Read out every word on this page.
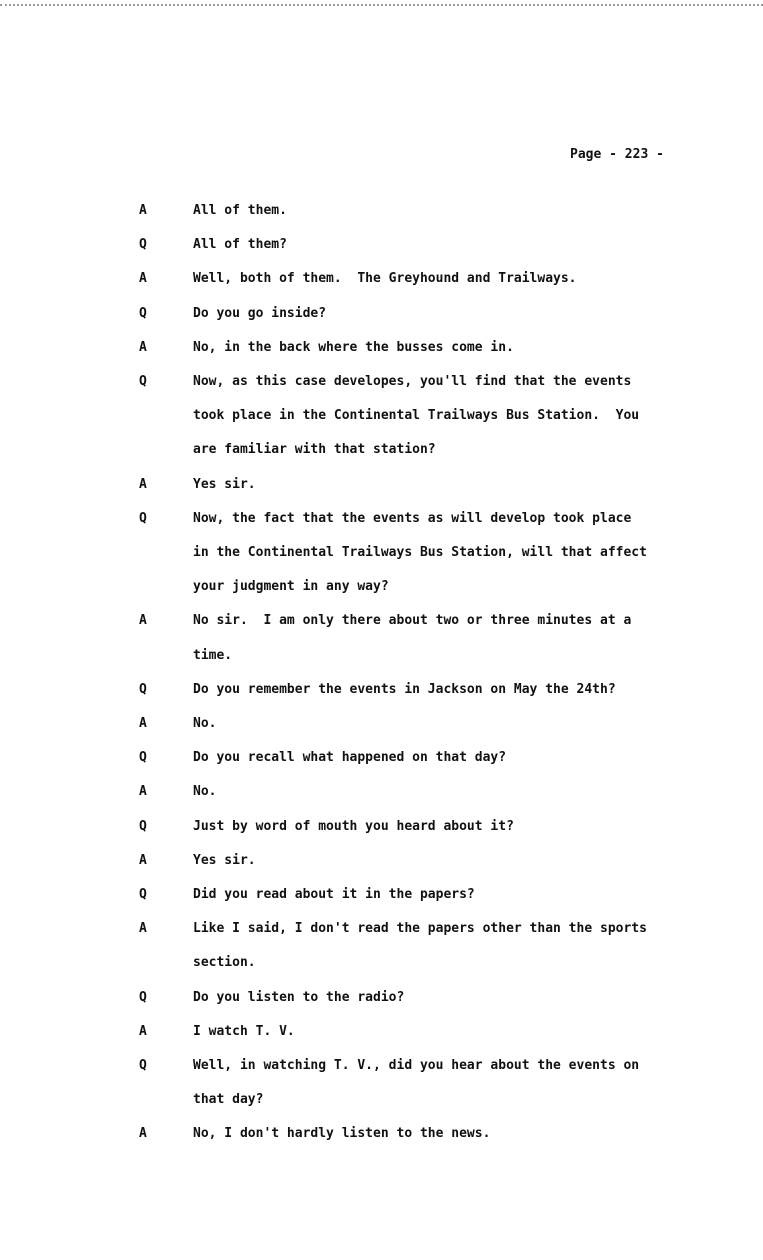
Page - 223 -
A	All of them.
Q	All of them?
A	Well, both of them.  The Greyhound and Trailways.
Q	Do you go inside?
A	No, in the back where the busses come in.
Q	Now, as this case developes, you'll find that the events
took place in the Continental Trailways Bus Station.  You
are familiar with that station?
A	Yes sir.
Q	Now, the fact that the events as will develop took place
in the Continental Trailways Bus Station, will that affect
your judgment in any way?
A	No sir.  I am only there about two or three minutes at a
time.
Q	Do you remember the events in Jackson on May the 24th?
A	No.
Q	Do you recall what happened on that day?
A	No.
Q	Just by word of mouth you heard about it?
A	Yes sir.
Q	Did you read about it in the papers?
A	Like I said, I don't read the papers other than the sports
section.
Q	Do you listen to the radio?
A	I watch T. V.
Q	Well, in watching T. V., did you hear about the events on
that day?
A	No, I don't hardly listen to the news.
